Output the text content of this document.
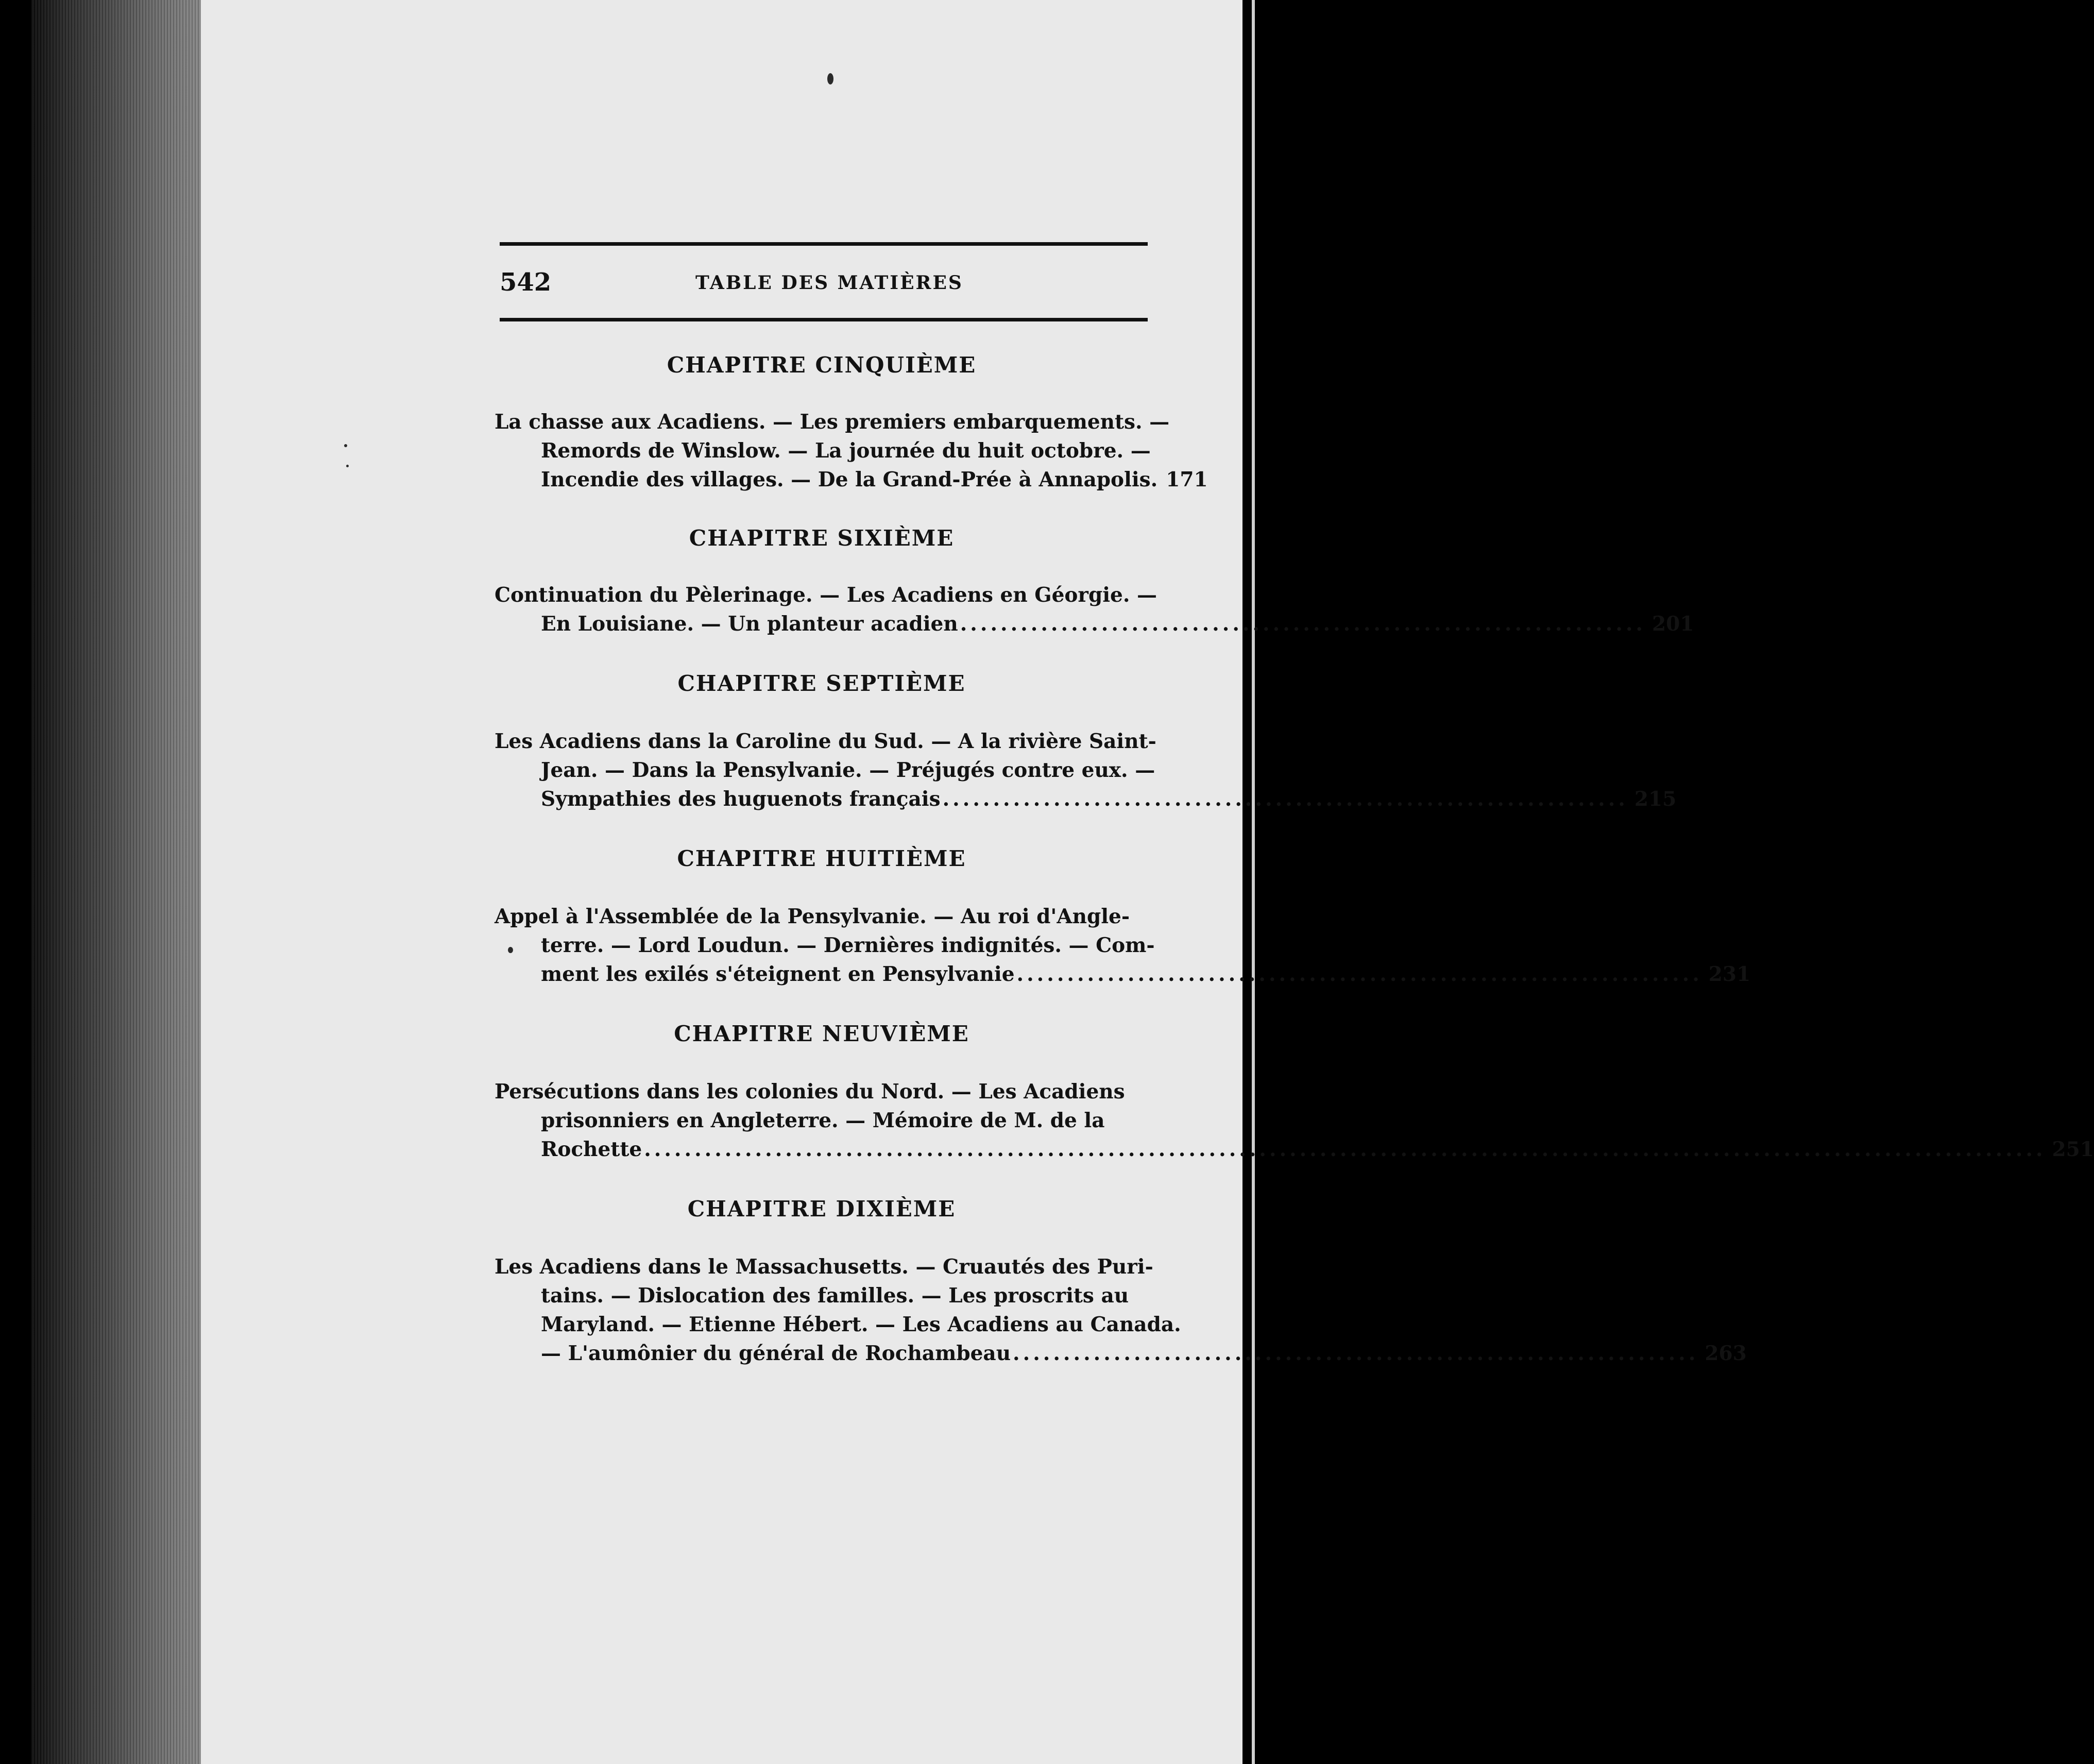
542	TABLE DES MATIÈRES
CHAPITRE CINQUIÈME
La chasse aux Acadiens. — Les premiers embarquements. —
Remords de Winslow. — La journée du huit octobre. —
Incendie des villages. — De la Grand-Prée à Annapolis. 171
CHAPITRE SIXIÈME
Continuation du Pèlerinage. — Les Acadiens en Géorgie. —
En Louisiane. — Un planteur acadien .................................................................... 201
CHAPITRE SEPTIÈME
Les Acadiens dans la Caroline du Sud. — A la rivière Saint-
Jean. — Dans la Pensylvanie. — Préjugés contre eux. —
Sympathies des huguenots français .................................................................... 215
CHAPITRE HUITIÈME
Appel à l'Assemblée de la Pensylvanie. — Au roi d'Angle-
terre. — Lord Loudun. — Dernières indignités. — Com-
ment les exilés s'éteignent en Pensylvanie .................................................................... 231
CHAPITRE NEUVIÈME
Persécutions dans les colonies du Nord. — Les Acadiens
prisonniers en Angleterre. — Mémoire de M. de la
Rochette ........................................................................................................................................... 251
CHAPITRE DIXIÈME
Les Acadiens dans le Massachusetts. — Cruautés des Puri-
tains. — Dislocation des familles. — Les proscrits au
Maryland. — Etienne Hébert. — Les Acadiens au Canada.
— L'aumônier du général de Rochambeau .................................................................... 263
